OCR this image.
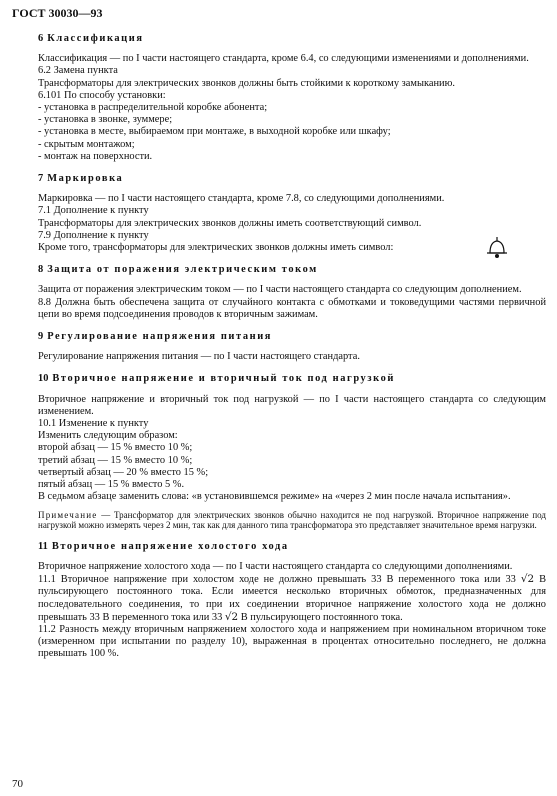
ГОСТ 30030—93
6 Классификация

Классификация — по I части настоящего стандарта, кроме 6.4, со следующими изменениями и дополнениями.

6.2 Замена пункта

Трансформаторы для электрических звонков должны быть стойкими к короткому замыканию.

6.101 По способу установки:

- установка в распределительной коробке абонента;

- установка в звонке, зуммере;

- установка в месте, выбираемом при монтаже, в выходной коробке или шкафу;

- скрытым монтажом;

- монтаж на поверхности.

7 Маркировка

Маркировка — по I части настоящего стандарта, кроме 7.8, со следующими дополнениями.

7.1 Дополнение к пункту

Трансформаторы для электрических звонков должны иметь соответствующий символ.

7.9 Дополнение к пункту

Кроме того, трансформаторы для электрических звонков должны иметь символ:

8 Защита от поражения электрическим током

Защита от поражения электрическим током — по I части настоящего стандарта со следующим дополнением.

8.8 Должна быть обеспечена защита от случайного контакта с обмотками и токоведущими частями первичной цепи во время подсоединения проводов к вторичным зажимам.

9 Регулирование напряжения питания

Регулирование напряжения питания — по I части настоящего стандарта.

10 Вторичное напряжение и вторичный ток под нагрузкой

Вторичное напряжение и вторичный ток под нагрузкой — по I части настоящего стандарта со следующим изменением.

10.1 Изменение к пункту

Изменить следующим образом:

второй абзац — 15 % вместо 10 %;

третий абзац — 15 % вместо 10 %;

четвертый абзац — 20 % вместо 15 %;

пятый абзац — 15 % вместо 5 %.

В седьмом абзаце заменить слова: «в установившемся режиме» на «через 2 мин после начала испытания».

Примечание — Трансформатор для электрических звонков обычно находится не под нагрузкой. Вторичное напряжение под нагрузкой можно измерять через 2 мин, так как для данного типа трансформатора это представляет значительное время нагрузки.

11 Вторичное напряжение холостого хода

Вторичное напряжение холостого хода — по I части настоящего стандарта со следующими дополнениями.

11.1 Вторичное напряжение при холостом ходе не должно превышать 33 В переменного тока или 33 √2 В пульсирующего постоянного тока. Если имеется несколько вторичных обмоток, предназначенных для последовательного соединения, то при их соединении вторичное напряжение холостого хода не должно превышать 33 В переменного тока или 33 √2 В пульсирующего постоянного тока.

11.2 Разность между вторичным напряжением холостого хода и напряжением при номинальном вторичном токе (измеренном при испытании по разделу 10), выраженная в процентах относительно последнего, не должна превышать 100 %.

70
